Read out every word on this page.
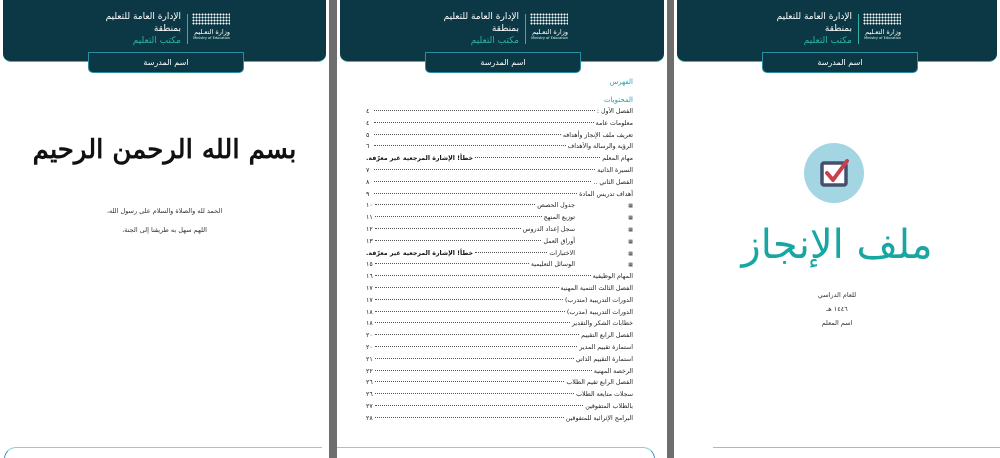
الإدارة العامة للتعليم
بمنطقة
مكتب التعليم
وزارة التعـليم
Ministry of Education
اسم المدرسة
بسم الله الرحمن الرحيم
الحمد لله والصلاة والسلام على رسول الله،
اللهم سهل به طريقنا إلى الجنة،
الإدارة العامة للتعليم
بمنطقة
مكتب التعليم
وزارة التعـليم
Ministry of Education
اسم المدرسة
الفهرس
المحتويات
الفصل الأول :
٤
معلومات عامة
٤
تعريف ملف الإنجاز وأهدافه
٥
الرؤية والرسالة والأهداف
٦
مهام المعلم
خطأ! الإشارة المرجعية غير معرّفة.
السيرة الذاتية
٧
الفصل الثاني ..
٨
أهداف تدريس المادة
٩
▦
جدول الحصص
١٠
▦
توزيع المنهج
١١
▦
سجل إعداد الدروس
١٢
▦
أوراق العمل
١٣
▦
الاختبارات
خطأ! الإشارة المرجعية غير معرّفة.
▦
الوسائل التعليمية
١٥
المهام الوظيفية
١٦
الفصل الثالث التنمية المهنية
١٧
الدورات التدريبية (متدرب)
١٧
الدورات التدريبية (مدرب)
١٨
خطابات الشكر والتقدير
١٨
الفصل الرابع التقييم
٢٠
استمارة تقييم المدير
٢٠
استمارة التقييم الذاتي
٢١
الرخصة المهنية
٢٢
الفصل الرابع تقيم الطلاب
٢٦
سجلات متابعة الطلاب
٢٦
بالطلاب المتفوقين
٢٧
البرامج الإثرائية للمتفوقين
٢٨
الإدارة العامة للتعليم
بمنطقة
مكتب التعليم
وزارة التعـليم
Ministry of Education
اسم المدرسة
ملف الإنجاز
للعام الدراسي
١٤٤٦ هـ
اسم المعلم
